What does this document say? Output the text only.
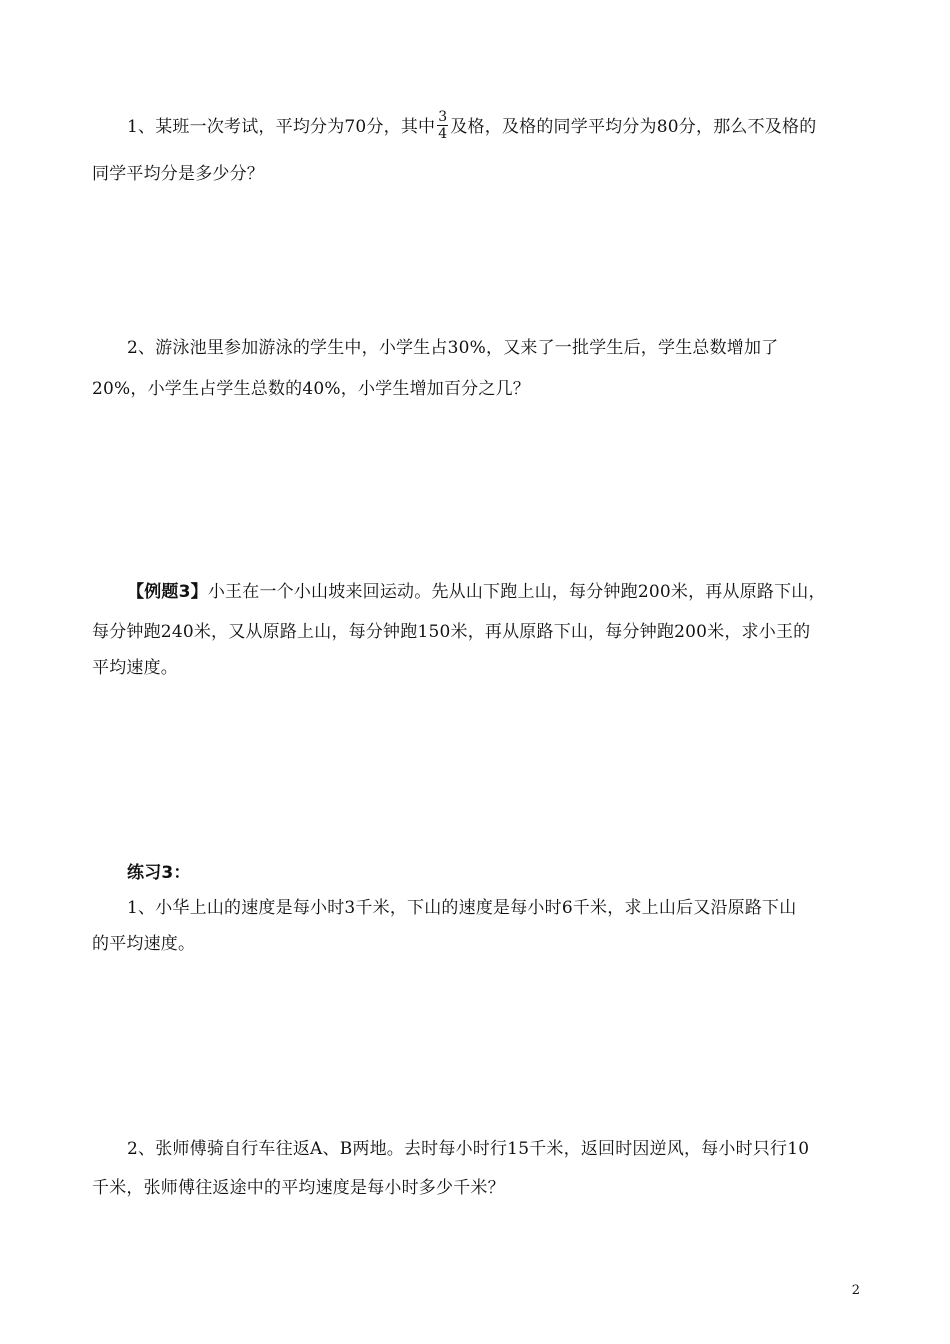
1、某班一次考试，平均分为70分，其中 $\frac{3}{4}$ 及格，及格的同学平均分为80分，那么不及格的
同学平均分是多少分？
2、游泳池里参加游泳的学生中，小学生占30%，又来了一批学生后，学生总数增加了
20%，小学生占学生总数的40%，小学生增加百分之几？
【例题3】小王在一个小山坡来回运动。先从山下跑上山，每分钟跑200米，再从原路下山，
每分钟跑240米，又从原路上山，每分钟跑150米，再从原路下山，每分钟跑200米，求小王的
平均速度。
练习3：
1、小华上山的速度是每小时3千米，下山的速度是每小时6千米，求上山后又沿原路下山
的平均速度。
2、张师傅骑自行车往返A、B两地。去时每小时行15千米，返回时因逆风，每小时只行10
千米，张师傅往返途中的平均速度是每小时多少千米？
2
